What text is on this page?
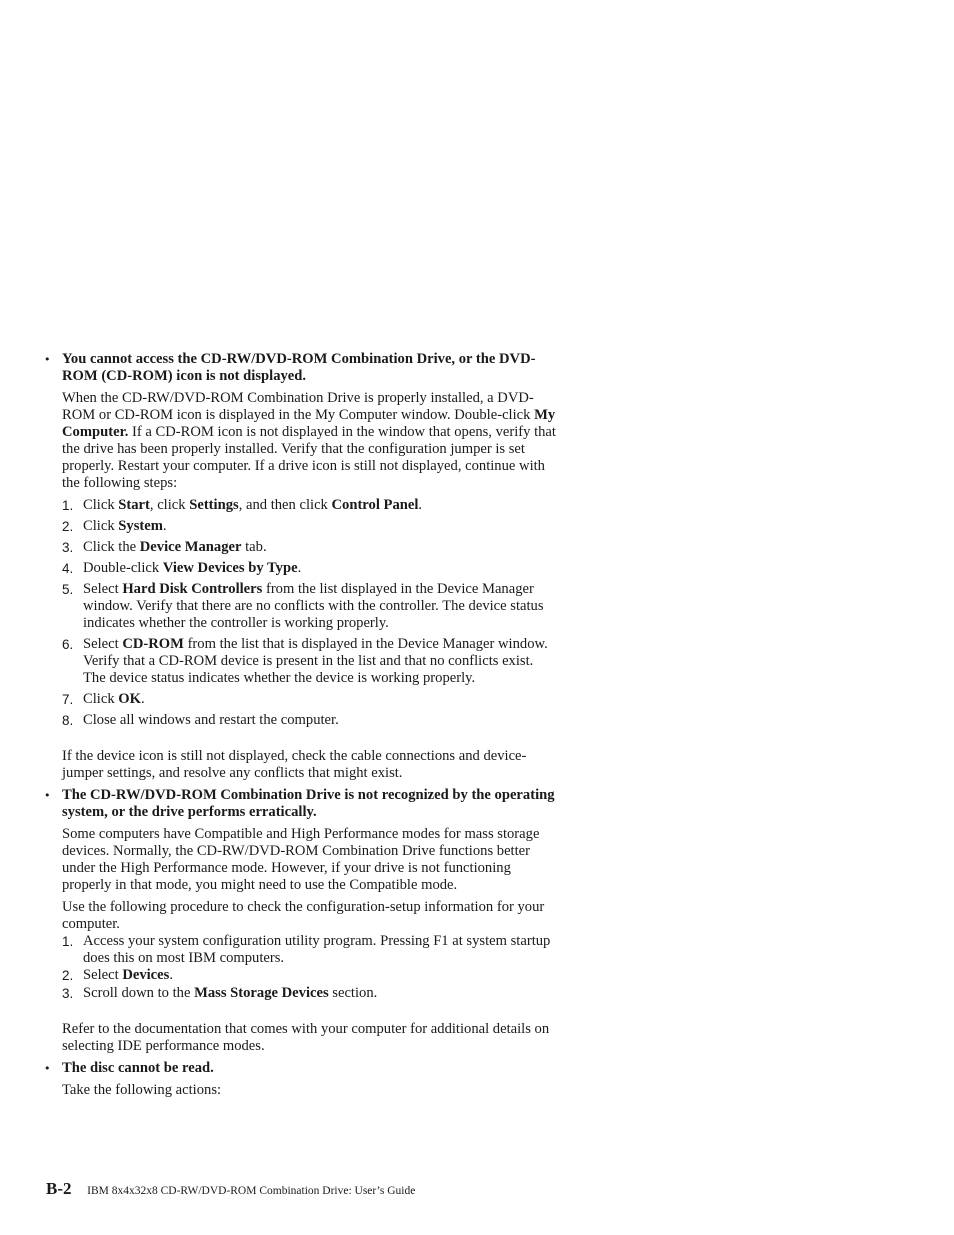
• You cannot access the CD-RW/DVD-ROM Combination Drive, or the DVD-ROM (CD-ROM) icon is not displayed.
When the CD-RW/DVD-ROM Combination Drive is properly installed, a DVD-ROM or CD-ROM icon is displayed in the My Computer window. Double-click My Computer. If a CD-ROM icon is not displayed in the window that opens, verify that the drive has been properly installed. Verify that the configuration jumper is set properly. Restart your computer. If a drive icon is still not displayed, continue with the following steps:
1. Click Start, click Settings, and then click Control Panel.
2. Click System.
3. Click the Device Manager tab.
4. Double-click View Devices by Type.
5. Select Hard Disk Controllers from the list displayed in the Device Manager window. Verify that there are no conflicts with the controller. The device status indicates whether the controller is working properly.
6. Select CD-ROM from the list that is displayed in the Device Manager window. Verify that a CD-ROM device is present in the list and that no conflicts exist. The device status indicates whether the device is working properly.
7. Click OK.
8. Close all windows and restart the computer.
If the device icon is still not displayed, check the cable connections and device-jumper settings, and resolve any conflicts that might exist.
• The CD-RW/DVD-ROM Combination Drive is not recognized by the operating system, or the drive performs erratically.
Some computers have Compatible and High Performance modes for mass storage devices. Normally, the CD-RW/DVD-ROM Combination Drive functions better under the High Performance mode. However, if your drive is not functioning properly in that mode, you might need to use the Compatible mode.
Use the following procedure to check the configuration-setup information for your computer.
1. Access your system configuration utility program. Pressing F1 at system startup does this on most IBM computers.
2. Select Devices.
3. Scroll down to the Mass Storage Devices section.
Refer to the documentation that comes with your computer for additional details on selecting IDE performance modes.
• The disc cannot be read.
Take the following actions:
B-2 IBM 8x4x32x8 CD-RW/DVD-ROM Combination Drive: User’s Guide
